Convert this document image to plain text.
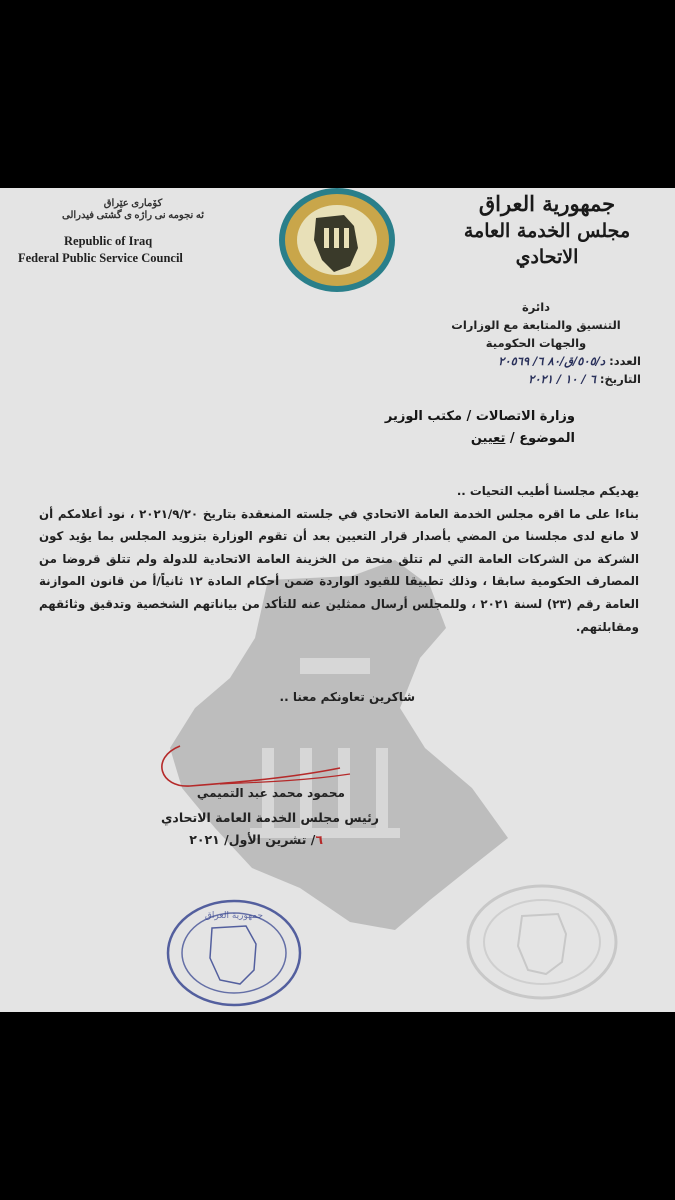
كۆماری عێراق
ئه نجومه نی راژه ى گشتى فيدرالى
Republic of Iraq
Federal Public Service Council
جمهورية العراق
مجلس الخدمة العامة الاتحادي
دائرة
التنسيق والمتابعة مع الوزارات
والجهات الحكومية
العدد:
د/٥٠٥/ق/٨٠ ٦/ ٢٠٥٦٩
التاريخ:
٦ / ١٠ / ٢٠٢١
وزارة الاتصالات / مكتب الوزير
الموضوع / تعيين

يهديكم مجلسنا أطيب التحيات ..

بناءا على ما اقره مجلس الخدمة العامة الاتحادي في جلسته المنعقدة بتاريخ ٢٠٢١/٩/٢٠ ، نود أعلامكم أن لا مانع لدى مجلسنا من المضي بأصدار قرار التعيين بعد أن تقوم الوزارة بتزويد المجلس بما يؤيد كون الشركة من الشركات العامة التي لم تتلق منحة من الخزينة العامة الاتحادية للدولة ولم تتلق قروضا من المصارف الحكومية سابقا ، وذلك تطبيقا للقيود الواردة ضمن أحكام المادة ١٢ ثانياً/أ من قانون الموازنة العامة رقم (٢٣) لسنة ٢٠٢١ ، وللمجلس أرسال ممثلين عنه للتأكد من بياناتهم الشخصية وتدقيق وثائقهم ومقابلتهم.

شاكرين تعاونكم معنا ..
محمود محمد عبد التميمي
رئيس مجلس الخدمة العامة الاتحادي
٦/ تشرين الأول/ ٢٠٢١
جمهورية العراق
